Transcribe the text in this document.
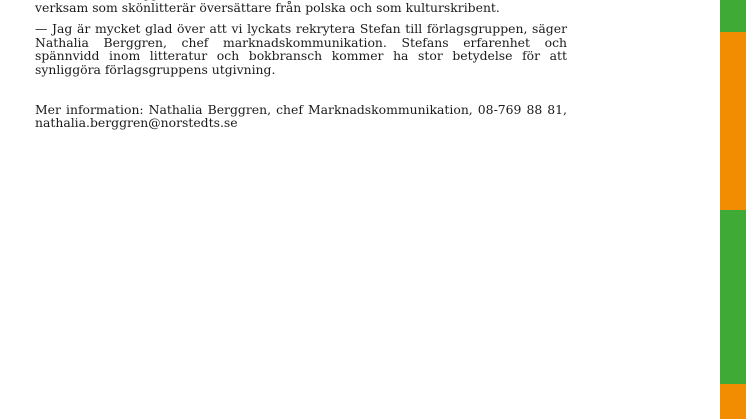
verksam som skönlitterär översättare från polska och som kulturskribent.

— Jag är mycket glad över att vi lyckats rekrytera Stefan till förlagsgruppen, säger Nathalia Berggren, chef marknadskommunikation. Stefans erfarenhet och spännvidd inom litteratur och bokbransch kommer ha stor betydelse för att synliggöra förlagsgruppens utgivning.

Mer information: Nathalia Berggren, chef Marknadskommunikation, 08-769 88 81, nathalia.berggren@norstedts.se
